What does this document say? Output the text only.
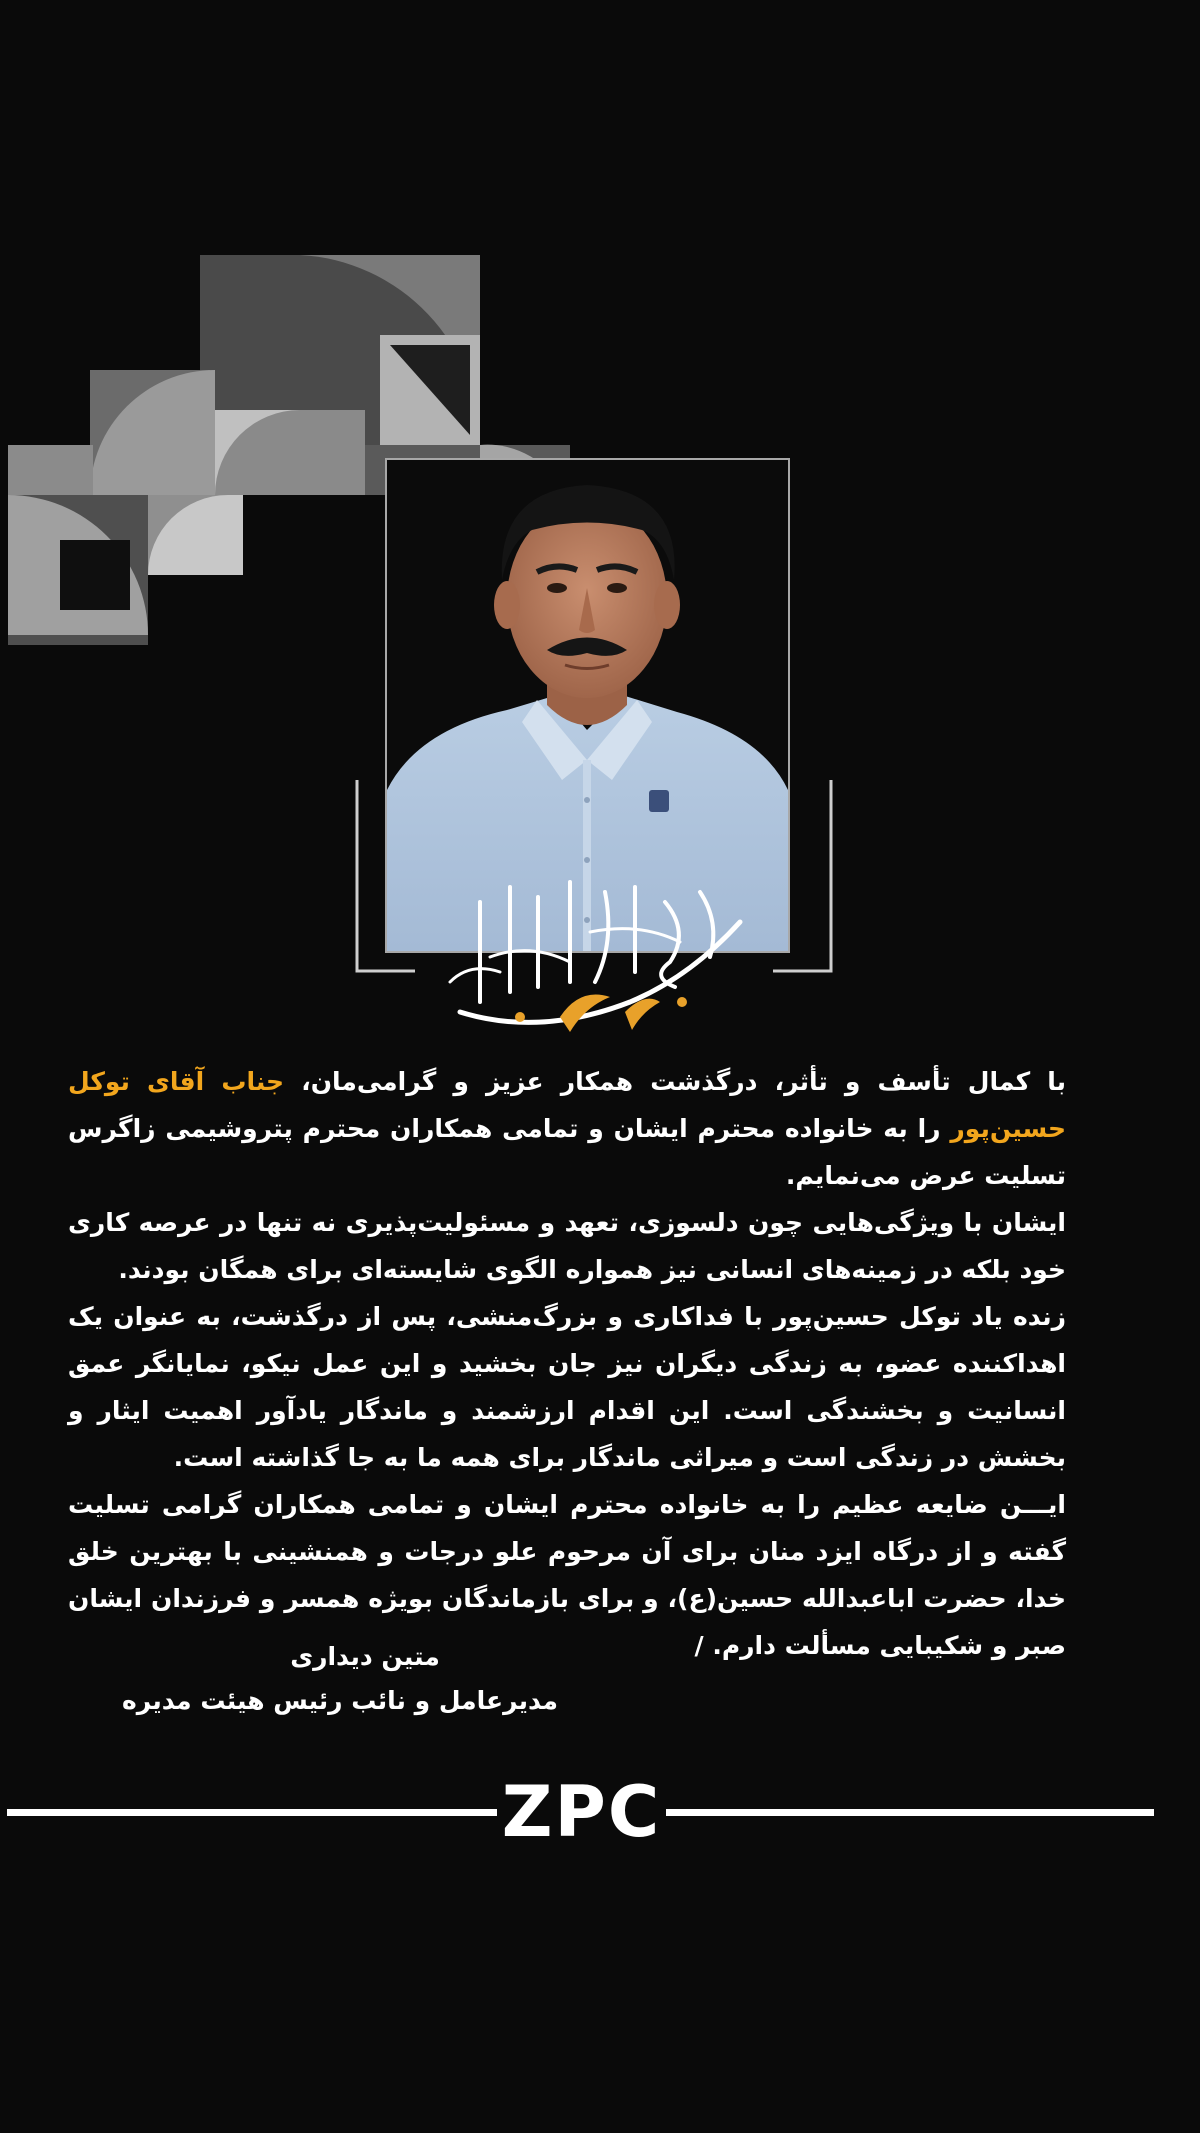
انا لله و انا الیه راجعون

با کمال تأسف و تأثر، درگذشت همکار عزیز و گرامی‌مان، جناب آقای توکل حسین‌پور را به خانواده محترم ایشان و تمامی همکاران محترم پتروشیمی زاگرس تسلیت عرض می‌نمایم.

ایشان با ویژگی‌هایی چون دلسوزی، تعهد و مسئولیت‌پذیری نه تنها در عرصه کاری خود بلکه در زمینه‌های انسانی نیز همواره الگوی شایسته‌ای برای همگان بودند.

زنده یاد توکل حسین‌پور با فداکاری و بزرگ‌منشی، پس از درگذشت، به عنوان یک اهداکننده عضو، به زندگی دیگران نیز جان بخشید و این عمل نیکو، نمایانگر عمق انسانیت و بخشندگی است. این اقدام ارزشمند و ماندگار یادآور اهمیت ایثار و بخشش در زندگی است و میراثی ماندگار برای همه ما به جا گذاشته است.

ایـــن ضایعه عظیم را به خانواده محترم ایشان و تمامی همکاران گرامی تسلیت گفته و از درگاه ایزد منان برای آن مرحوم علو درجات و همنشینی با بهترین خلق خدا، حضرت اباعبدالله حسین(ع)، و برای بازماندگان بویژه همسر و فرزندان ایشان صبر و شکیبایی مسألت دارم. /

متین دیداری
مدیرعامل و نائب رئیس هیئت مدیره
ZPC
